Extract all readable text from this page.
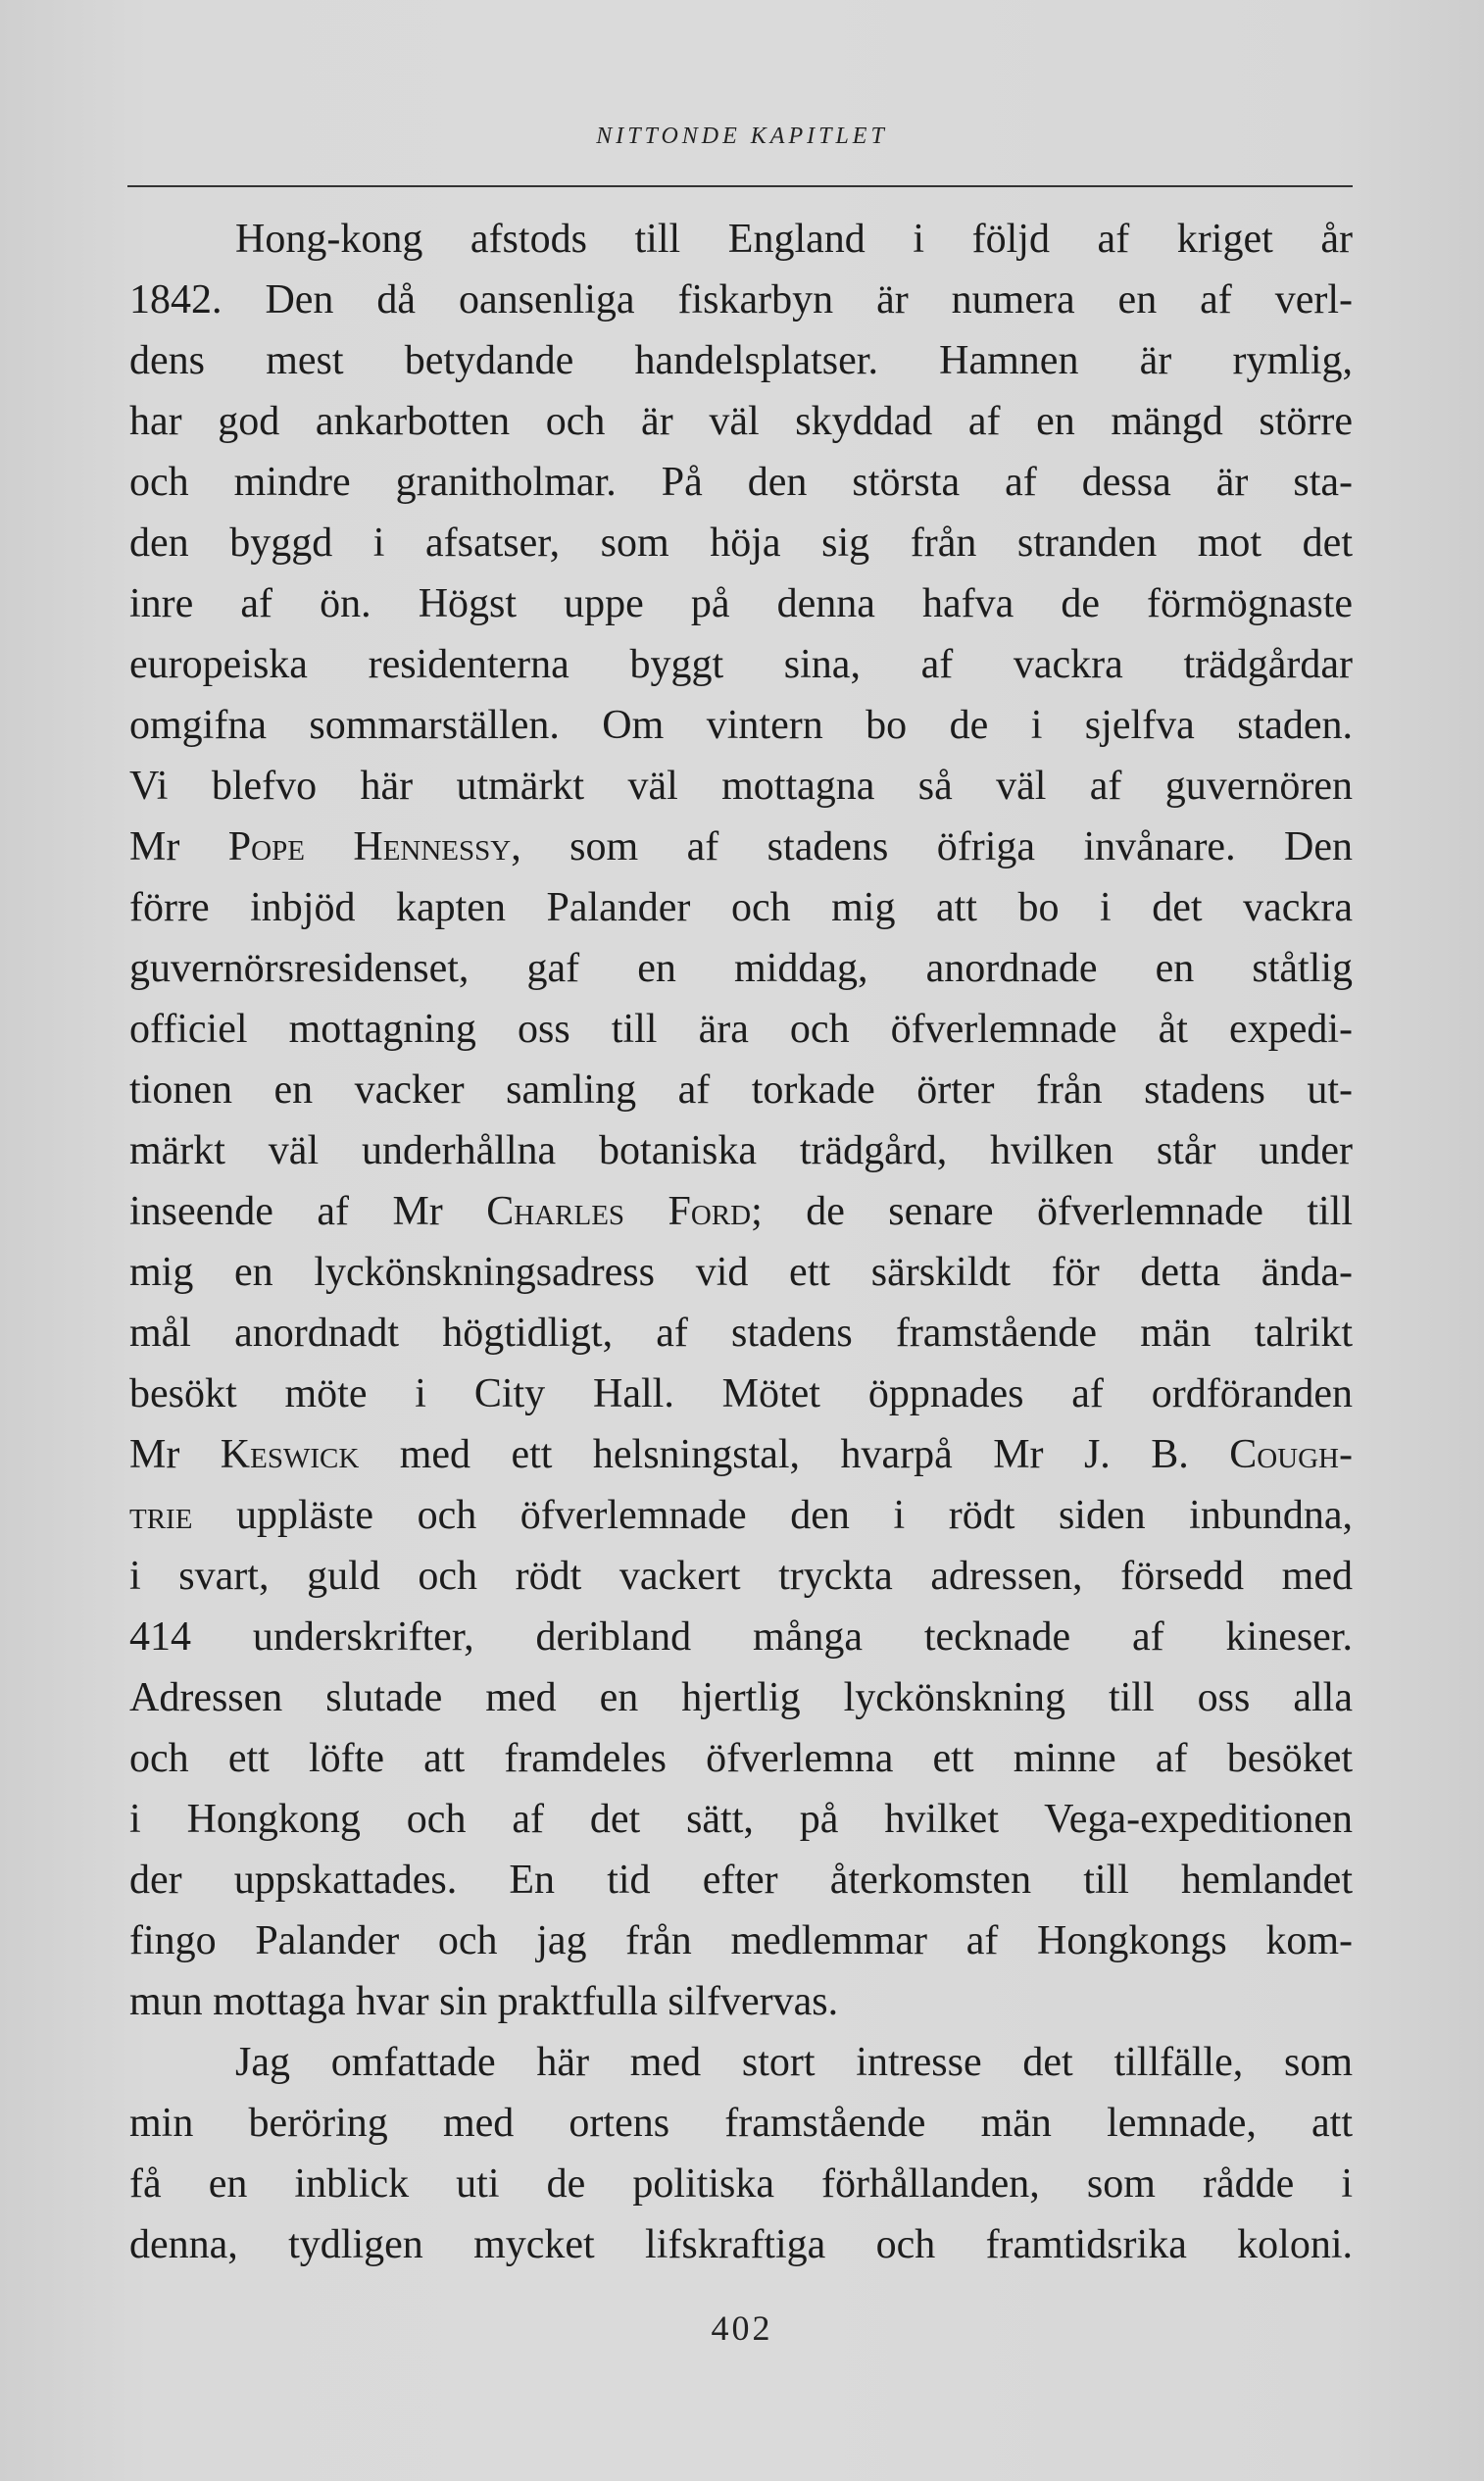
NITTONDE KAPITLET
Hong-kong afstods till England i följd af kriget år
1842. Den då oansenliga fiskarbyn är numera en af verl-
dens mest betydande handelsplatser. Hamnen är rymlig,
har god ankarbotten och är väl skyddad af en mängd större
och mindre granitholmar. På den största af dessa är sta-
den byggd i afsatser, som höja sig från stranden mot det
inre af ön. Högst uppe på denna hafva de förmögnaste
europeiska residenterna byggt sina, af vackra trädgårdar
omgifna sommarställen. Om vintern bo de i sjelfva staden.
Vi blefvo här utmärkt väl mottagna så väl af guvernören
Mr Pope Hennessy, som af stadens öfriga invånare. Den
förre inbjöd kapten Palander och mig att bo i det vackra
guvernörsresidenset, gaf en middag, anordnade en ståtlig
officiel mottagning oss till ära och öfverlemnade åt expedi-
tionen en vacker samling af torkade örter från stadens ut-
märkt väl underhållna botaniska trädgård, hvilken står under
inseende af Mr Charles Ford; de senare öfverlemnade till
mig en lyckönskningsadress vid ett särskildt för detta ända-
mål anordnadt högtidligt, af stadens framstående män talrikt
besökt möte i City Hall. Mötet öppnades af ordföranden
Mr Keswick med ett helsningstal, hvarpå Mr J. B. Cough-
trie uppläste och öfverlemnade den i rödt siden inbundna,
i svart, guld och rödt vackert tryckta adressen, försedd med
414 underskrifter, deribland många tecknade af kineser.
Adressen slutade med en hjertlig lyckönskning till oss alla
och ett löfte att framdeles öfverlemna ett minne af besöket
i Hongkong och af det sätt, på hvilket Vega-expeditionen
der uppskattades. En tid efter återkomsten till hemlandet
fingo Palander och jag från medlemmar af Hongkongs kom-
mun mottaga hvar sin praktfulla silfvervas.
Jag omfattade här med stort intresse det tillfälle, som
min beröring med ortens framstående män lemnade, att
få en inblick uti de politiska förhållanden, som rådde i
denna, tydligen mycket lifskraftiga och framtidsrika koloni.
402
